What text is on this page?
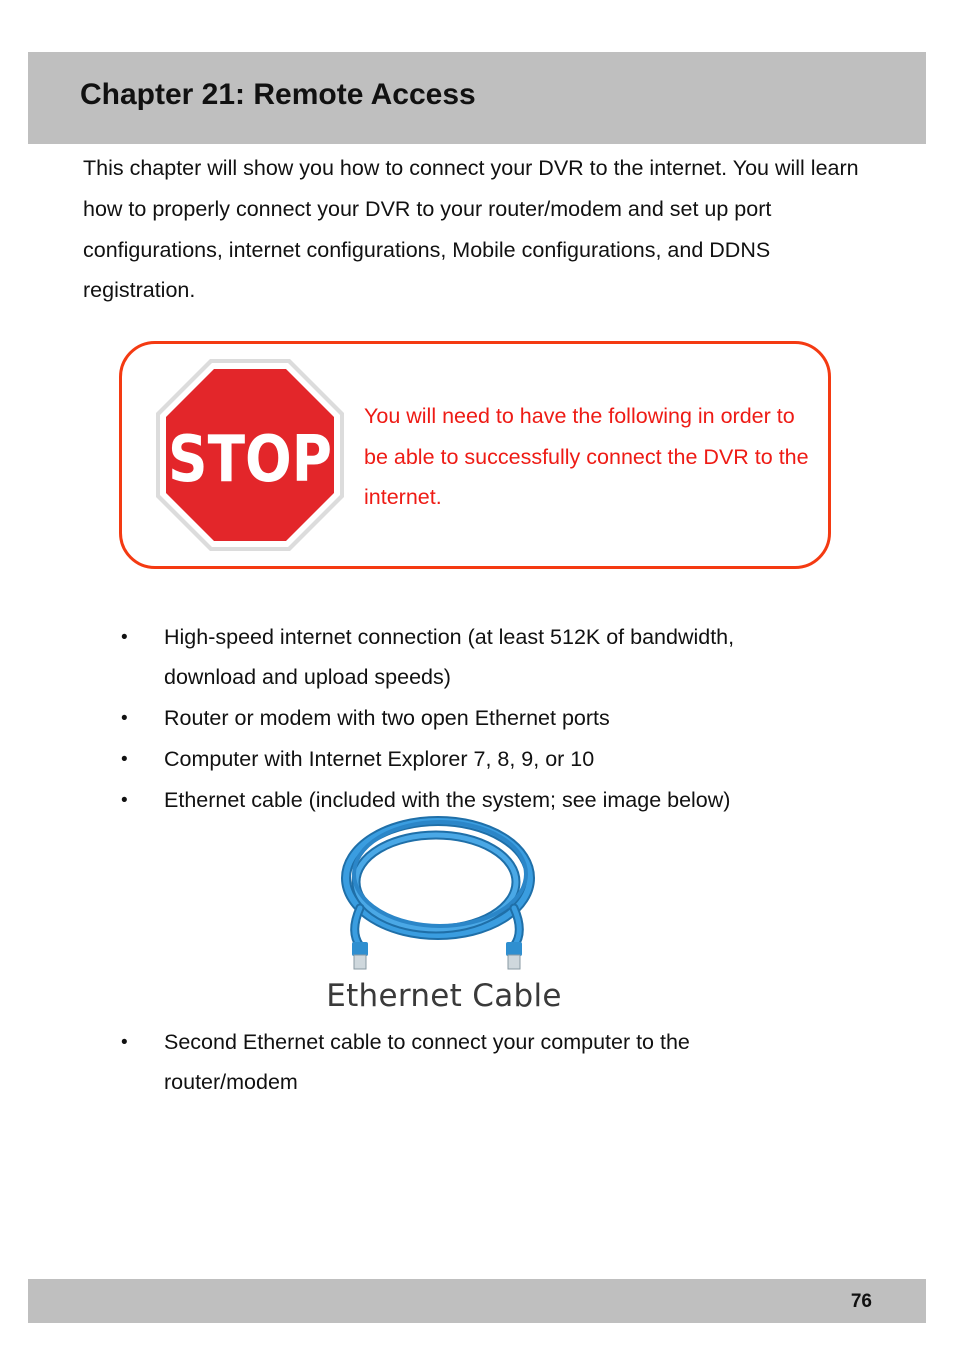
Chapter 21: Remote Access

This chapter will show you how to connect your DVR to the internet. You will learn how to properly connect your DVR to your router/modem and set up port configurations, internet configurations, Mobile configurations, and DDNS registration.

STOP

You will need to have the following in order to be able to successfully connect the DVR to the internet.

• High-speed internet connection (at least 512K of bandwidth, download and upload speeds)
• Router or modem with two open Ethernet ports
• Computer with Internet Explorer 7, 8, 9, or 10
• Ethernet cable (included with the system; see image below)
• Second Ethernet cable to connect your computer to the router/modem
Ethernet Cable
76
